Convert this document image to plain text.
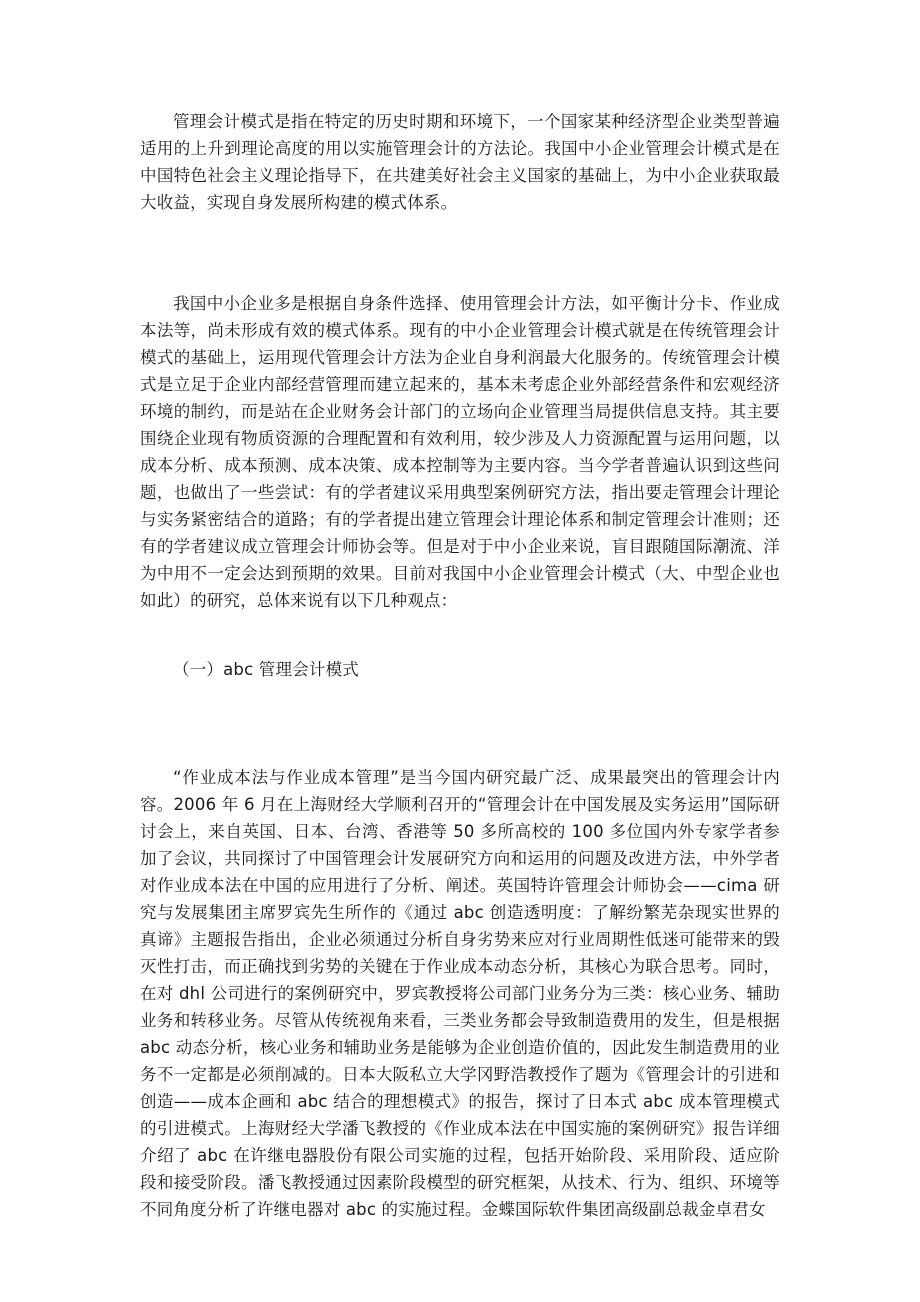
管理会计模式是指在特定的历史时期和环境下，一个国家某种经济型企业类型普遍适用的上升到理论高度的用以实施管理会计的方法论。我国中小企业管理会计模式是在中国特色社会主义理论指导下，在共建美好社会主义国家的基础上，为中小企业获取最大收益，实现自身发展所构建的模式体系。

我国中小企业多是根据自身条件选择、使用管理会计方法，如平衡计分卡、作业成本法等，尚未形成有效的模式体系。现有的中小企业管理会计模式就是在传统管理会计模式的基础上，运用现代管理会计方法为企业自身利润最大化服务的。传统管理会计模式是立足于企业内部经营管理而建立起来的，基本未考虑企业外部经营条件和宏观经济环境的制约，而是站在企业财务会计部门的立场向企业管理当局提供信息支持。其主要围绕企业现有物质资源的合理配置和有效利用，较少涉及人力资源配置与运用问题，以成本分析、成本预测、成本决策、成本控制等为主要内容。当今学者普遍认识到这些问题，也做出了一些尝试：有的学者建议采用典型案例研究方法，指出要走管理会计理论与实务紧密结合的道路；有的学者提出建立管理会计理论体系和制定管理会计准则；还有的学者建议成立管理会计师协会等。但是对于中小企业来说，盲目跟随国际潮流、洋为中用不一定会达到预期的效果。目前对我国中小企业管理会计模式（大、中型企业也如此）的研究，总体来说有以下几种观点：

（一）abc 管理会计模式

“作业成本法与作业成本管理”是当今国内研究最广泛、成果最突出的管理会计内容。2006 年 6 月在上海财经大学顺利召开的“管理会计在中国发展及实务运用”国际研讨会上，来自英国、日本、台湾、香港等 50 多所高校的 100 多位国内外专家学者参加了会议，共同探讨了中国管理会计发展研究方向和运用的问题及改进方法，中外学者对作业成本法在中国的应用进行了分析、阐述。英国特许管理会计师协会——cima 研究与发展集团主席罗宾先生所作的《通过 abc 创造透明度：了解纷繁芜杂现实世界的真谛》主题报告指出，企业必须通过分析自身劣势来应对行业周期性低迷可能带来的毁灭性打击，而正确找到劣势的关键在于作业成本动态分析，其核心为联合思考。同时，在对 dhl 公司进行的案例研究中，罗宾教授将公司部门业务分为三类：核心业务、辅助业务和转移业务。尽管从传统视角来看，三类业务都会导致制造费用的发生，但是根据 abc 动态分析，核心业务和辅助业务是能够为企业创造价值的，因此发生制造费用的业务不一定都是必须削减的。日本大阪私立大学冈野浩教授作了题为《管理会计的引进和创造——成本企画和 abc 结合的理想模式》的报告，探讨了日本式 abc 成本管理模式的引进模式。上海财经大学潘飞教授的《作业成本法在中国实施的案例研究》报告详细介绍了 abc 在许继电器股份有限公司实施的过程，包括开始阶段、采用阶段、适应阶段和接受阶段。潘飞教授通过因素阶段模型的研究框架，从技术、行为、组织、环境等不同角度分析了许继电器对 abc 的实施过程。金蝶国际软件集团高级副总裁金卓君女
